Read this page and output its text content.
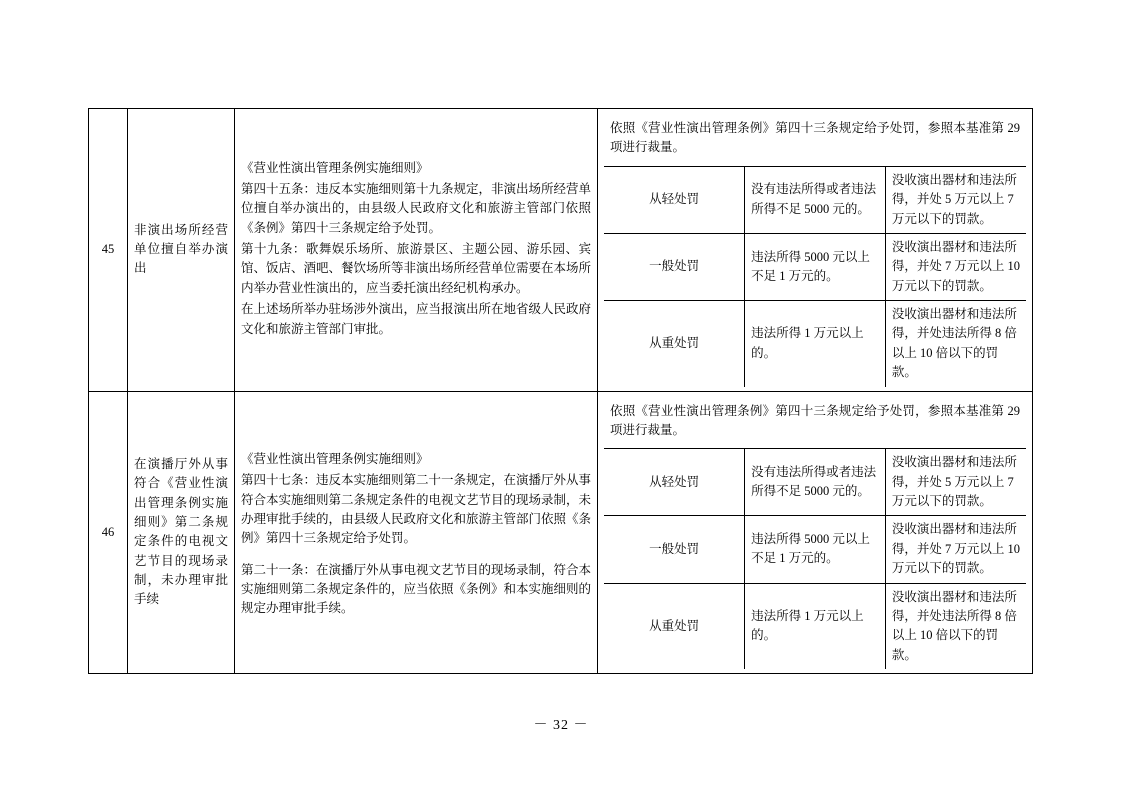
45	非演出场所经营单位擅自举办演出	

《营业性演出管理条例实施细则》

第四十五条：违反本实施细则第十九条规定，非演出场所经营单位擅自举办演出的，由县级人民政府文化和旅游主管部门依照《条例》第四十三条规定给予处罚。

第十九条：歌舞娱乐场所、旅游景区、主题公园、游乐园、宾馆、饭店、酒吧、餐饮场所等非演出场所经营单位需要在本场所内举办营业性演出的，应当委托演出经纪机构承办。

在上述场所举办驻场涉外演出，应当报演出所在地省级人民政府文化和旅游主管部门审批。

依照《营业性演出管理条例》第四十三条规定给予处罚，参照本基准第 29 项进行裁量。
从轻处罚	没有违法所得或者违法所得不足 5000 元的。	没收演出器材和违法所得，并处 5 万元以上 7 万元以下的罚款。
一般处罚	违法所得 5000 元以上不足 1 万元的。	没收演出器材和违法所得，并处 7 万元以上 10 万元以下的罚款。
从重处罚	违法所得 1 万元以上的。	没收演出器材和违法所得，并处违法所得 8 倍以上 10 倍以下的罚款。

46	在演播厅外从事符合《营业性演出管理条例实施细则》第二条规定条件的电视文艺节目的现场录制，未办理审批手续	

《营业性演出管理条例实施细则》

第四十七条：违反本实施细则第二十一条规定，在演播厅外从事符合本实施细则第二条规定条件的电视文艺节目的现场录制，未办理审批手续的，由县级人民政府文化和旅游主管部门依照《条例》第四十三条规定给予处罚。

第二十一条：在演播厅外从事电视文艺节目的现场录制，符合本实施细则第二条规定条件的，应当依照《条例》和本实施细则的规定办理审批手续。

依照《营业性演出管理条例》第四十三条规定给予处罚，参照本基准第 29 项进行裁量。
从轻处罚	没有违法所得或者违法所得不足 5000 元的。	没收演出器材和违法所得，并处 5 万元以上 7 万元以下的罚款。
一般处罚	违法所得 5000 元以上不足 1 万元的。	没收演出器材和违法所得，并处 7 万元以上 10 万元以下的罚款。
从重处罚	违法所得 1 万元以上的。	没收演出器材和违法所得，并处违法所得 8 倍以上 10 倍以下的罚款。
－ 32 －
